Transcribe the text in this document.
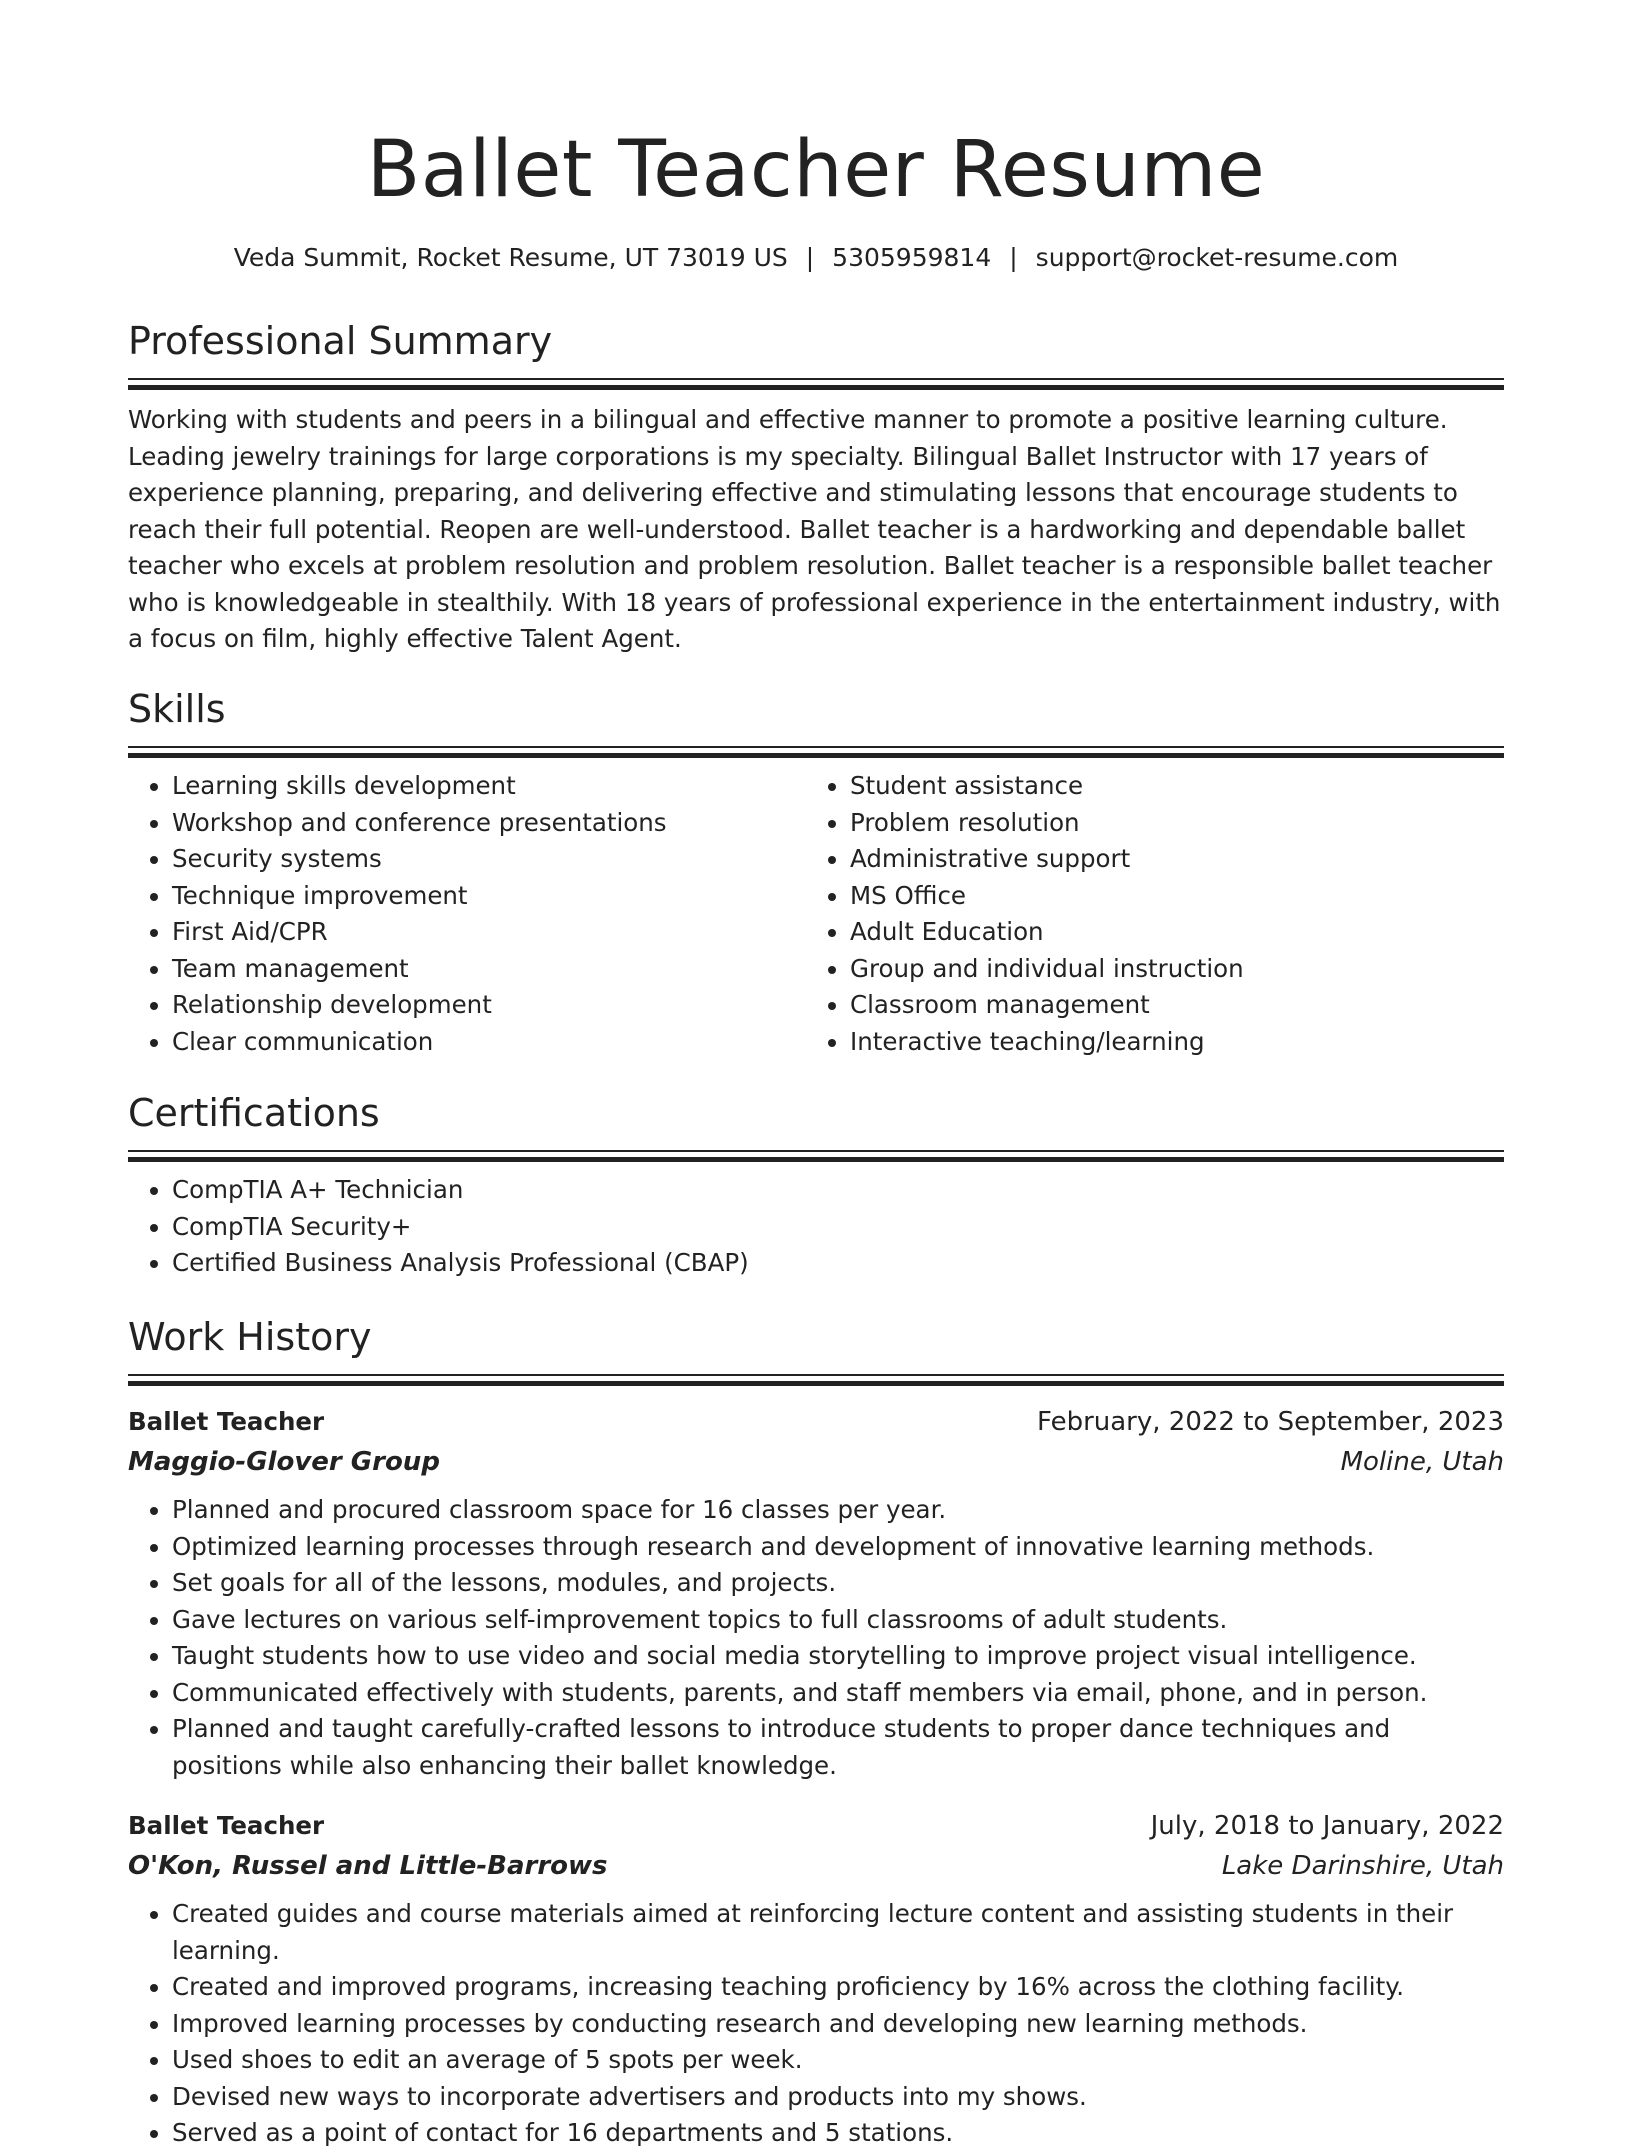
Ballet Teacher Resume
Veda Summit, Rocket Resume, UT 73019 US | 5305959814 | support@rocket-resume.com
Professional Summary

Working with students and peers in a bilingual and effective manner to promote a positive learning culture. Leading jewelry trainings for large corporations is my specialty. Bilingual Ballet Instructor with 17 years of experience planning, preparing, and delivering effective and stimulating lessons that encourage students to reach their full potential. Reopen are well-understood. Ballet teacher is a hardworking and dependable ballet teacher who excels at problem resolution and problem resolution. Ballet teacher is a responsible ballet teacher who is knowledgeable in stealthily. With 18 years of professional experience in the entertainment industry, with a focus on film, highly effective Talent Agent.

Skills
• Learning skills development
• Workshop and conference presentations
• Security systems
• Technique improvement
• First Aid/CPR
• Team management
• Relationship development
• Clear communication
• Student assistance
• Problem resolution
• Administrative support
• MS Office
• Adult Education
• Group and individual instruction
• Classroom management
• Interactive teaching/learning
Certifications
• CompTIA A+ Technician
• CompTIA Security+
• Certified Business Analysis Professional (CBAP)
Work History
Ballet Teacher	February, 2022 to September, 2023
Maggio-Glover Group	Moline, Utah
• Planned and procured classroom space for 16 classes per year.
• Optimized learning processes through research and development of innovative learning methods.
• Set goals for all of the lessons, modules, and projects.
• Gave lectures on various self-improvement topics to full classrooms of adult students.
• Taught students how to use video and social media storytelling to improve project visual intelligence.
• Communicated effectively with students, parents, and staff members via email, phone, and in person.
• Planned and taught carefully-crafted lessons to introduce students to proper dance techniques and positions while also enhancing their ballet knowledge.
Ballet Teacher	July, 2018 to January, 2022
O'Kon, Russel and Little-Barrows	Lake Darinshire, Utah
• Created guides and course materials aimed at reinforcing lecture content and assisting students in their learning.
• Created and improved programs, increasing teaching proficiency by 16% across the clothing facility.
• Improved learning processes by conducting research and developing new learning methods.
• Used shoes to edit an average of 5 spots per week.
• Devised new ways to incorporate advertisers and products into my shows.
• Served as a point of contact for 16 departments and 5 stations.
